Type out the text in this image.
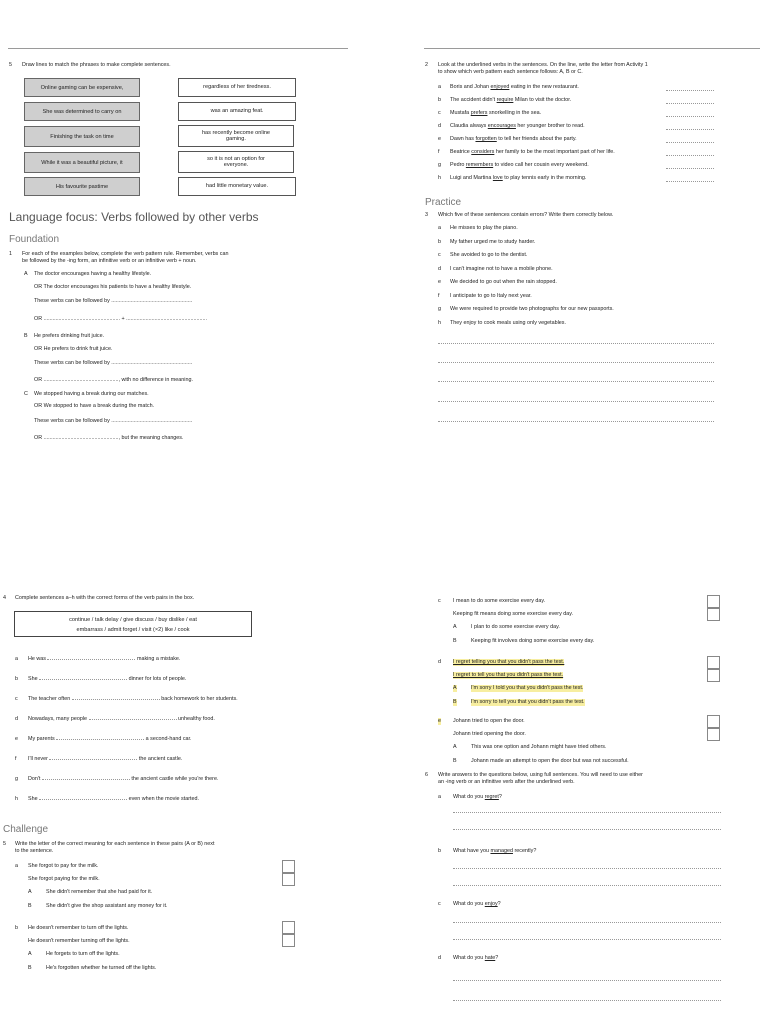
5 Draw lines to match the phrases to make complete sentences.
Online gaming can be expensive,
She was determined to carry on
Finishing the task on time
While it was a beautiful picture, it
His favourite pastime
regardless of her tiredness.
was an amazing feat.
has recently become online gaming.
so it is not an option for everyone.
had little monetary value.
Language focus: Verbs followed by other verbs
Foundation
1 For each of the examples below, complete the verb pattern rule. Remember, verbs can
be followed by the -ing form, an infinitive verb or an infinitive verb + noun.
A The doctor encourages having a healthy lifestyle.
OR The doctor encourages his patients to have a healthy lifestyle.
These verbs can be followed by ......................................................
OR ................................................... + ......................................................
B He prefers drinking fruit juice.
OR He prefers to drink fruit juice.
These verbs can be followed by ......................................................
OR .................................................., with no difference in meaning.
C We stopped having a break during our matches.
OR We stopped to have a break during the match.
These verbs can be followed by ......................................................
OR .................................................., but the meaning changes.
2 Look at the underlined verbs in the sentences. On the line, write the letter from Activity 1
to show which verb pattern each sentence follows: A, B or C.
a Boris and Johan enjoyed eating in the new restaurant.
b The accident didn't require Milan to visit the doctor.
c Mustafa prefers snorkelling in the sea.
d Claudia always encourages her younger brother to read.
e Dawn has forgotten to tell her friends about the party.
f Beatrice considers her family to be the most important part of her life.
g Pedro remembers to video call her cousin every weekend.
h Luigi and Martina love to play tennis early in the morning.
Practice
3 Which five of these sentences contain errors? Write them correctly below.
a He misses to play the piano.
b My father urged me to study harder.
c She avoided to go to the dentist.
d I can't imagine not to have a mobile phone.
e We decided to go out when the rain stopped.
f I anticipate to go to Italy next year.
g We were required to provide two photographs for our new passports.
h They enjoy to cook meals using only vegetables.
4 Complete sentences a–h with the correct forms of the verb pairs in the box.
continue / talk delay / give discuss / buy dislike / eat
embarrass / admit forget / visit (×2) like / cook
a He was	making a mistake.
b She	dinner for lots of people.
c The teacher often	back homework to her students.
d Nowadays, many people	unhealthy food.
e My parents	a second-hand car.
f I'll never	the ancient castle.
g Don't	the ancient castle while you're there.
h She	even when the movie started.
Challenge
5 Write the letter of the correct meaning for each sentence in these pairs (A or B) next
to the sentence.
a She forgot to pay for the milk.
She forgot paying for the milk.
A	She didn't remember that she had paid for it.
B	She didn't give the shop assistant any money for it.
b He doesn't remember to turn off the lights.
He doesn't remember turning off the lights.
A	He forgets to turn off the lights.
B	He's forgotten whether he turned off the lights.
c I mean to do some exercise every day.
Keeping fit means doing some exercise every day.
A	I plan to do some exercise every day.
B	Keeping fit involves doing some exercise every day.
d I regret telling you that you didn't pass the test.
I regret to tell you that you didn't pass the test.
A	I'm sorry I told you that you didn't pass the test.
B	I'm sorry to tell you that you didn't pass the test.
e Johann tried to open the door.
Johann tried opening the door.
A	This was one option and Johann might have tried others.
B	Johann made an attempt to open the door but was not successful.
6 Write answers to the questions below, using full sentences. You will need to use either
an -ing verb or an infinitive verb after the underlined verb.
a What do you regret?
b What have you managed recently?
c What do you enjoy?
d What do you hate?
